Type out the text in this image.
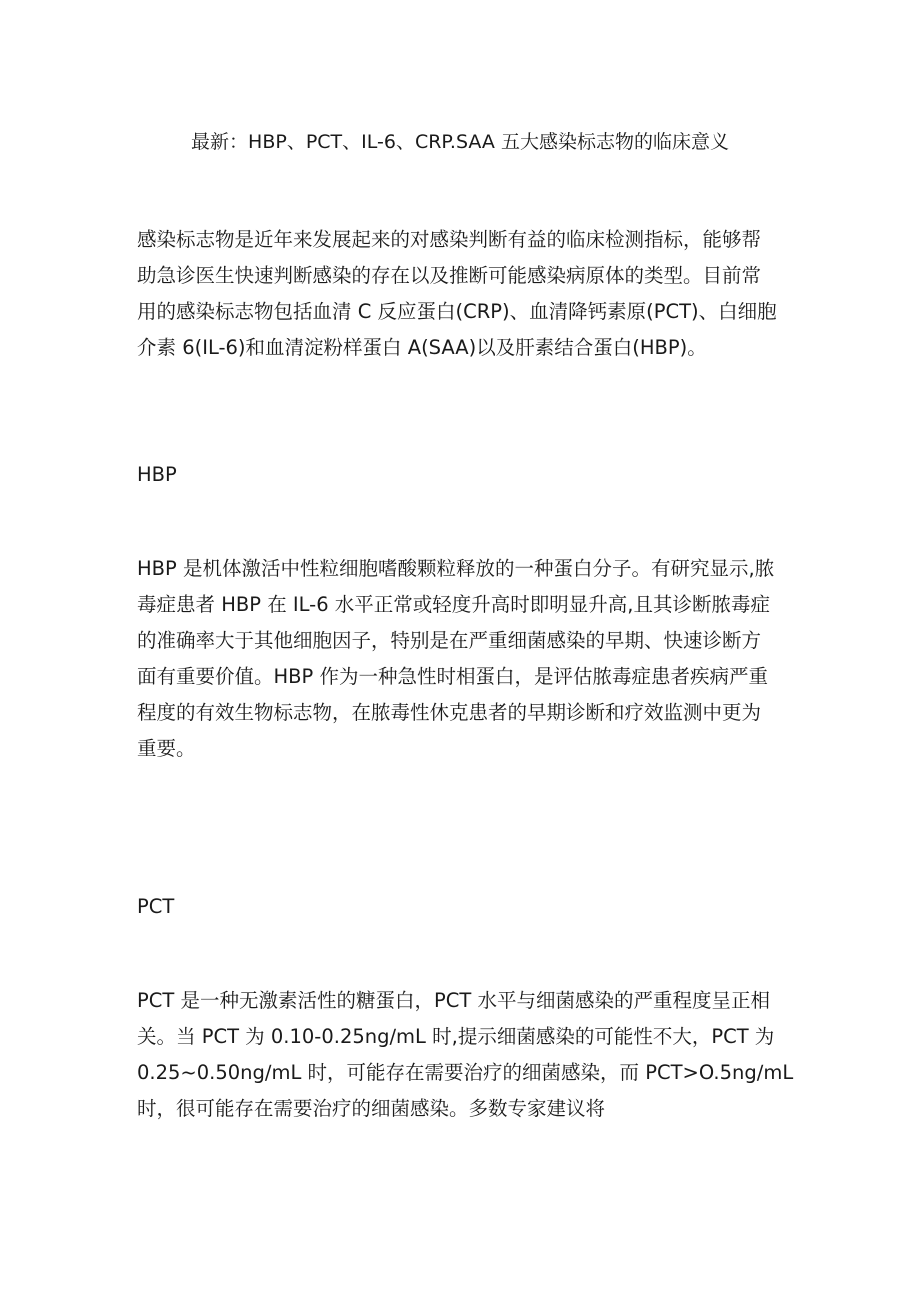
最新：HBP、PCT、IL-6、CRP.SAA 五大感染标志物的临床意义
感染标志物是近年来发展起来的对感染判断有益的临床检测指标，能够帮
助急诊医生快速判断感染的存在以及推断可能感染病原体的类型。目前常
用的感染标志物包括血清 C 反应蛋白(CRP)、血清降钙素原(PCT)、白细胞
介素 6(IL-6)和血清淀粉样蛋白 A(SAA)以及肝素结合蛋白(HBP)。
HBP
HBP 是机体激活中性粒细胞嗜酸颗粒释放的一种蛋白分子。有研究显示,脓
毒症患者 HBP 在 IL-6 水平正常或轻度升高时即明显升高,且其诊断脓毒症
的准确率大于其他细胞因子，特别是在严重细菌感染的早期、快速诊断方
面有重要价值。HBP 作为一种急性时相蛋白，是评估脓毒症患者疾病严重
程度的有效生物标志物，在脓毒性休克患者的早期诊断和疗效监测中更为
重要。
PCT
PCT 是一种无激素活性的糖蛋白，PCT 水平与细菌感染的严重程度呈正相
关。当 PCT 为 0.10-0.25ng∕mL 时,提示细菌感染的可能性不大，PCT 为
0.25~0.50ng∕mL 时，可能存在需要治疗的细菌感染，而 PCT>O.5ng∕mL
时，很可能存在需要治疗的细菌感染。多数专家建议将
